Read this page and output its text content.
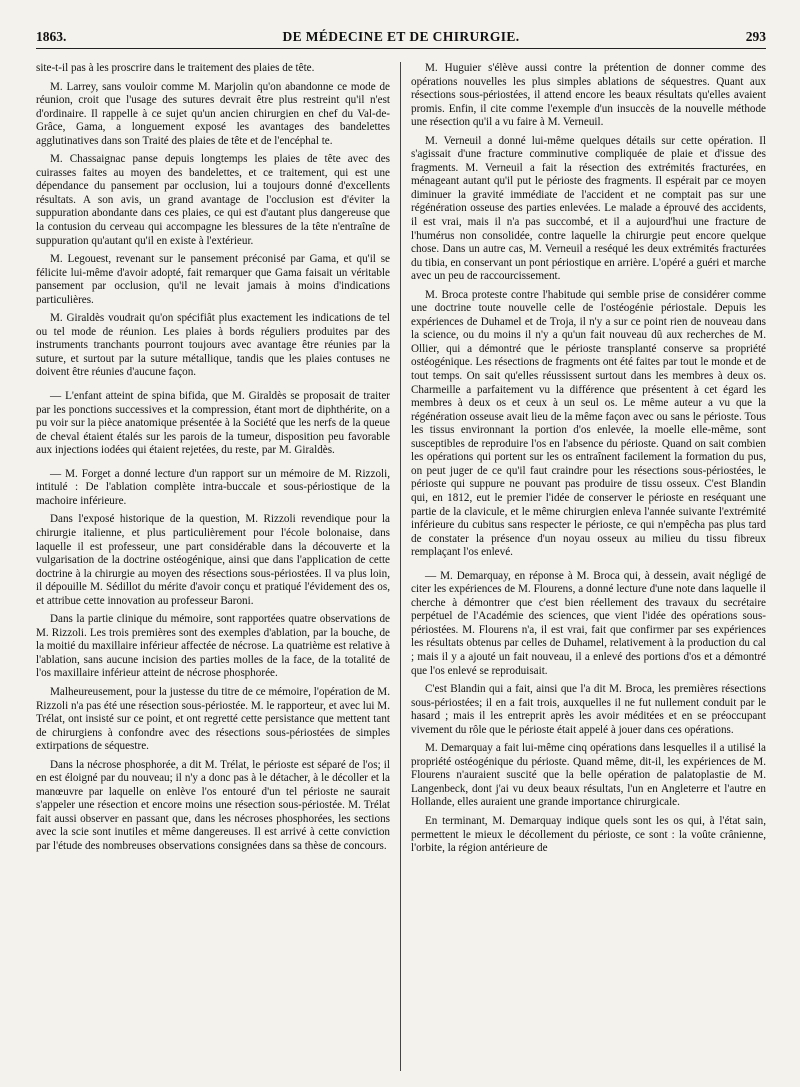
1863.	DE MÉDECINE ET DE CHIRURGIE.	293

site-t-il pas à les proscrire dans le traitement des plaies de tête.

M. Larrey, sans vouloir comme M. Marjolin qu'on abandonne ce mode de réunion, croit que l'usage des sutures devrait être plus restreint qu'il n'est d'ordinaire. Il rappelle à ce sujet qu'un ancien chirurgien en chef du Val-de-Grâce, Gama, a longuement exposé les avantages des bandelettes agglutinatives dans son Traité des plaies de tête et de l'encéphal te.

M. Chassaignac panse depuis longtemps les plaies de tête avec des cuirasses faites au moyen des bandelettes, et ce traitement, qui est une dépendance du pansement par occlusion, lui a toujours donné d'excellents résultats. A son avis, un grand avantage de l'occlusion est d'éviter la suppuration abondante dans ces plaies, ce qui est d'autant plus dangereuse que la contusion du cerveau qui accompagne les blessures de la tête n'entraîne de suppuration qu'autant qu'il en existe à l'extérieur.

M. Legouest, revenant sur le pansement préconisé par Gama, et qu'il se félicite lui-même d'avoir adopté, fait remarquer que Gama faisait un véritable pansement par occlusion, qu'il ne levait jamais à moins d'indications particulières.

M. Giraldès voudrait qu'on spécifiât plus exactement les indications de tel ou tel mode de réunion. Les plaies à bords réguliers produites par des instruments tranchants pourront toujours avec avantage être réunies par la suture, et surtout par la suture métallique, tandis que les plaies contuses ne doivent être réunies d'aucune façon.

— L'enfant atteint de spina bifida, que M. Giraldès se proposait de traiter par les ponctions successives et la compression, étant mort de diphthérite, on a pu voir sur la pièce anatomique présentée à la Société que les nerfs de la queue de cheval étaient étalés sur les parois de la tumeur, disposition peu favorable aux injections iodées qui étaient rejetées, du reste, par M. Giraldès.

— M. Forget a donné lecture d'un rapport sur un mémoire de M. Rizzoli, intitulé : De l'ablation complète intra-buccale et sous-périostique de la machoire inférieure.

Dans l'exposé historique de la question, M. Rizzoli revendique pour la chirurgie italienne, et plus particulièrement pour l'école bolonaise, dans laquelle il est professeur, une part considérable dans la découverte et la vulgarisation de la doctrine ostéogénique, ainsi que dans l'application de cette doctrine à la chirurgie au moyen des résections sous-périostées. Il va plus loin, il dépouille M. Sédillot du mérite d'avoir conçu et pratiqué l'évidement des os, et attribue cette innovation au professeur Baroni.

Dans la partie clinique du mémoire, sont rapportées quatre observations de M. Rizzoli. Les trois premières sont des exemples d'ablation, par la bouche, de la moitié du maxillaire inférieur affectée de nécrose. La quatrième est relative à l'ablation, sans aucune incision des parties molles de la face, de la totalité de l'os maxillaire inférieur atteint de nécrose phosphorée.

Malheureusement, pour la justesse du titre de ce mémoire, l'opération de M. Rizzoli n'a pas été une résection sous-périostée. M. le rapporteur, et avec lui M. Trélat, ont insisté sur ce point, et ont regretté cette persistance que mettent tant de chirurgiens à confondre avec des résections sous-périostées de simples extirpations de séquestre.

Dans la nécrose phosphorée, a dit M. Trélat, le périoste est séparé de l'os; il en est éloigné par du nouveau; il n'y a donc pas à le détacher, à le décoller et la manœuvre par laquelle on enlève l'os entouré d'un tel périoste ne saurait s'appeler une résection et encore moins une résection sous-périostée. M. Trélat fait aussi observer en passant que, dans les nécroses phosphorées, les sections avec la scie sont inutiles et même dangereuses. Il est arrivé à cette conviction par l'étude des nombreuses observations consignées dans sa thèse de concours.

M. Huguier s'élève aussi contre la prétention de donner comme des opérations nouvelles les plus simples ablations de séquestres. Quant aux résections sous-périostées, il attend encore les beaux résultats qu'elles avaient promis. Enfin, il cite comme l'exemple d'un insuccès de la nouvelle méthode une résection qu'il a vu faire à M. Verneuil.

M. Verneuil a donné lui-même quelques détails sur cette opération. Il s'agissait d'une fracture comminutive compliquée de plaie et d'issue des fragments. M. Verneuil a fait la résection des extrémités fracturées, en ménageant autant qu'il put le périoste des fragments. Il espérait par ce moyen diminuer la gravité immédiate de l'accident et ne comptait pas sur une régénération osseuse des parties enlevées. Le malade a éprouvé des accidents, il est vrai, mais il n'a pas succombé, et il a aujourd'hui une fracture de l'humérus non consolidée, contre laquelle la chirurgie peut encore quelque chose. Dans un autre cas, M. Verneuil a reséqué les deux extrémités fracturées du tibia, en conservant un pont périostique en arrière. L'opéré a guéri et marche avec un peu de raccourcissement.

M. Broca proteste contre l'habitude qui semble prise de considérer comme une doctrine toute nouvelle celle de l'ostéogénie périostale. Depuis les expériences de Duhamel et de Troja, il n'y a sur ce point rien de nouveau dans la science, ou du moins il n'y a qu'un fait nouveau dû aux recherches de M. Ollier, qui a démontré que le périoste transplanté conserve sa propriété ostéogénique. Les résections de fragments ont été faites par tout le monde et de tout temps. On sait qu'elles réussissent surtout dans les membres à deux os. Charmeille a parfaitement vu la différence que présentent à cet égard les membres à deux os et ceux à un seul os. Le même auteur a vu que la régénération osseuse avait lieu de la même façon avec ou sans le périoste. Tous les tissus environnant la portion d'os enlevée, la moelle elle-même, sont susceptibles de reproduire l'os en l'absence du périoste. Quand on sait combien les opérations qui portent sur les os entraînent facilement la formation du pus, on peut juger de ce qu'il faut craindre pour les résections sous-périostées, le périoste qui suppure ne pouvant pas produire de tissu osseux. C'est Blandin qui, en 1812, eut le premier l'idée de conserver le périoste en reséquant une partie de la clavicule, et le même chirurgien enleva l'année suivante l'extrémité inférieure du cubitus sans respecter le périoste, ce qui n'empêcha pas plus tard de constater la présence d'un noyau osseux au milieu du tissu fibreux remplaçant l'os enlevé.

— M. Demarquay, en réponse à M. Broca qui, à dessein, avait négligé de citer les expériences de M. Flourens, a donné lecture d'une note dans laquelle il cherche à démontrer que c'est bien réellement des travaux du secrétaire perpétuel de l'Académie des sciences, que vient l'idée des opérations sous-périostées. M. Flourens n'a, il est vrai, fait que confirmer par ses expériences les résultats obtenus par celles de Duhamel, relativement à la production du cal ; mais il y a ajouté un fait nouveau, il a enlevé des portions d'os et a démontré que l'os enlevé se reproduisait.

C'est Blandin qui a fait, ainsi que l'a dit M. Broca, les premières résections sous-périostées; il en a fait trois, auxquelles il ne fut nullement conduit par le hasard ; mais il les entreprit après les avoir méditées et en se préoccupant vivement du rôle que le périoste était appelé à jouer dans ces opérations.

M. Demarquay a fait lui-même cinq opérations dans lesquelles il a utilisé la propriété ostéogénique du périoste. Quand même, dit-il, les expériences de M. Flourens n'auraient suscité que la belle opération de palatoplastie de M. Langenbeck, dont j'ai vu deux beaux résultats, l'un en Angleterre et l'autre en Hollande, elles auraient une grande importance chirurgicale.

En terminant, M. Demarquay indique quels sont les os qui, à l'état sain, permettent le mieux le décollement du périoste, ce sont : la voûte crânienne, l'orbite, la région antérieure de
